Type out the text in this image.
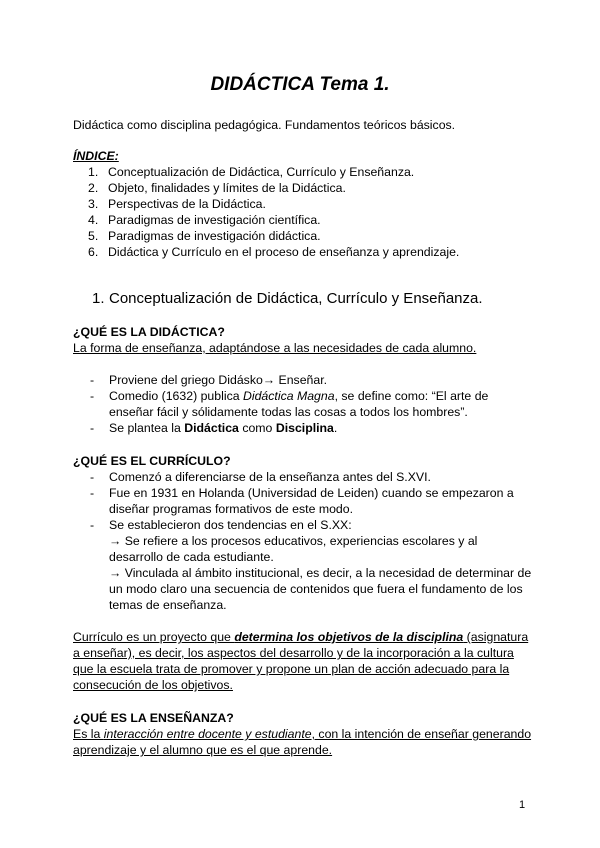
DIDÁCTICA Tema 1.
Didáctica como disciplina pedagógica. Fundamentos teóricos básicos.
ÍNDICE:
1. Conceptualización de Didáctica, Currículo y Enseñanza.
2. Objeto, finalidades y límites de la Didáctica.
3. Perspectivas de la Didáctica.
4. Paradigmas de investigación científica.
5. Paradigmas de investigación didáctica.
6. Didáctica y Currículo en el proceso de enseñanza y aprendizaje.
1. Conceptualización de Didáctica, Currículo y Enseñanza.
¿QUÉ ES LA DIDÁCTICA?
La forma de enseñanza, adaptándose a las necesidades de cada alumno.
- Proviene del griego Didásko→ Enseñar.
- Comedio (1632) publica Didáctica Magna, se define como: “El arte de
enseñar fácil y sólidamente todas las cosas a todos los hombres”.
- Se plantea la Didáctica como Disciplina.
¿QUÉ ES EL CURRÍCULO?
- Comenzó a diferenciarse de la enseñanza antes del S.XVI.
- Fue en 1931 en Holanda (Universidad de Leiden) cuando se empezaron a
diseñar programas formativos de este modo.
- Se establecieron dos tendencias en el S.XX:
→ Se refiere a los procesos educativos, experiencias escolares y al
desarrollo de cada estudiante.
→ Vinculada al ámbito institucional, es decir, a la necesidad de determinar de
un modo claro una secuencia de contenidos que fuera el fundamento de los
temas de enseñanza.
Currículo es un proyecto que determina los objetivos de la disciplina (asignatura
a enseñar), es decir, los aspectos del desarrollo y de la incorporación a la cultura
que la escuela trata de promover y propone un plan de acción adecuado para la
consecución de los objetivos.
¿QUÉ ES LA ENSEÑANZA?
Es la interacción entre docente y estudiante, con la intención de enseñar generando
aprendizaje y el alumno que es el que aprende.
1
